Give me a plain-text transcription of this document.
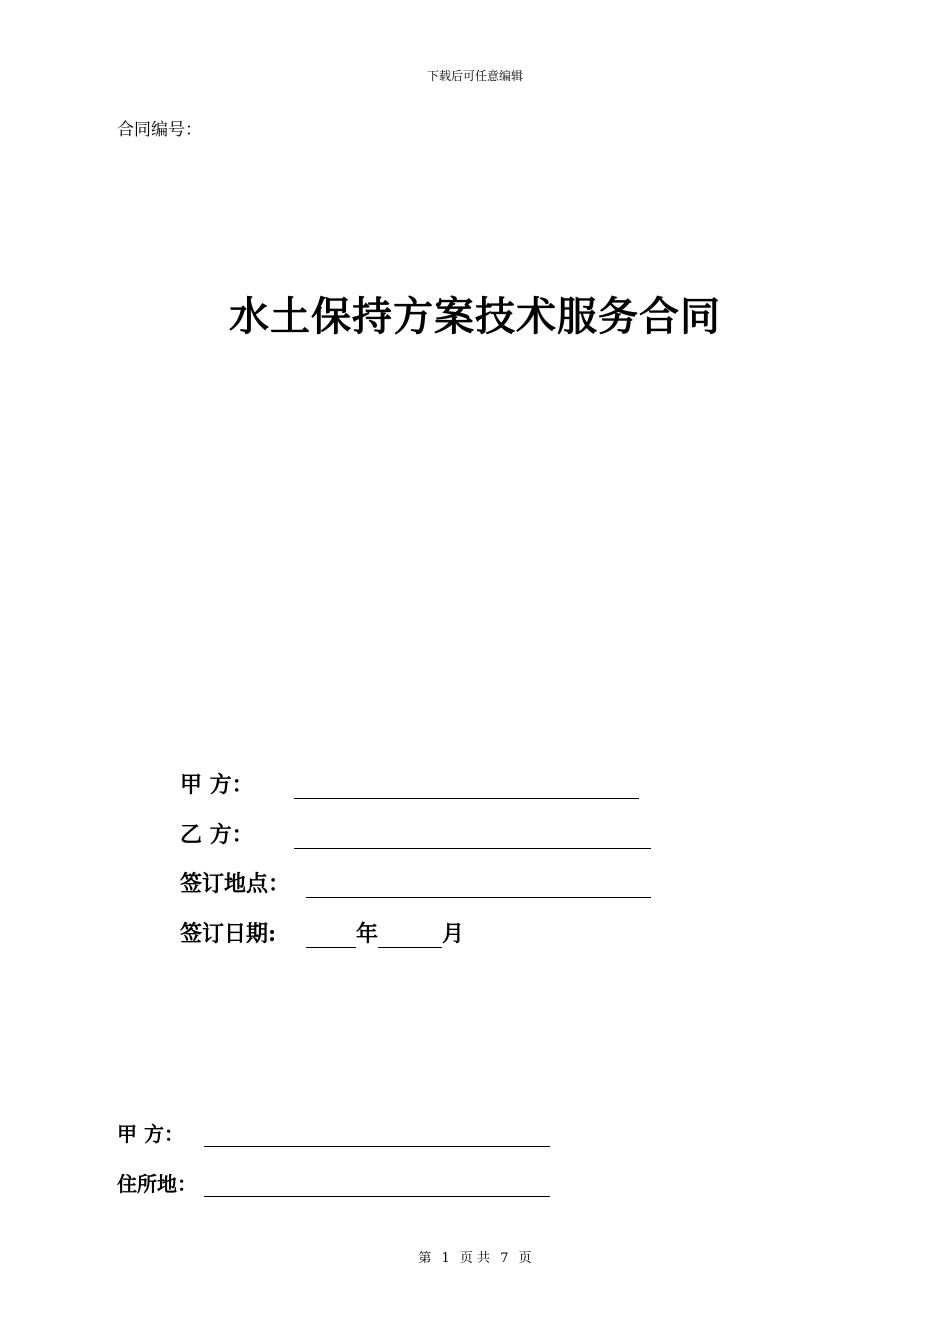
下载后可任意编辑
合同编号：
水土保持方案技术服务合同
甲 方：
乙 方：
签订地点：
签订日期:	年	月
甲 方：
住所地：
第 1 页 共 7 页
